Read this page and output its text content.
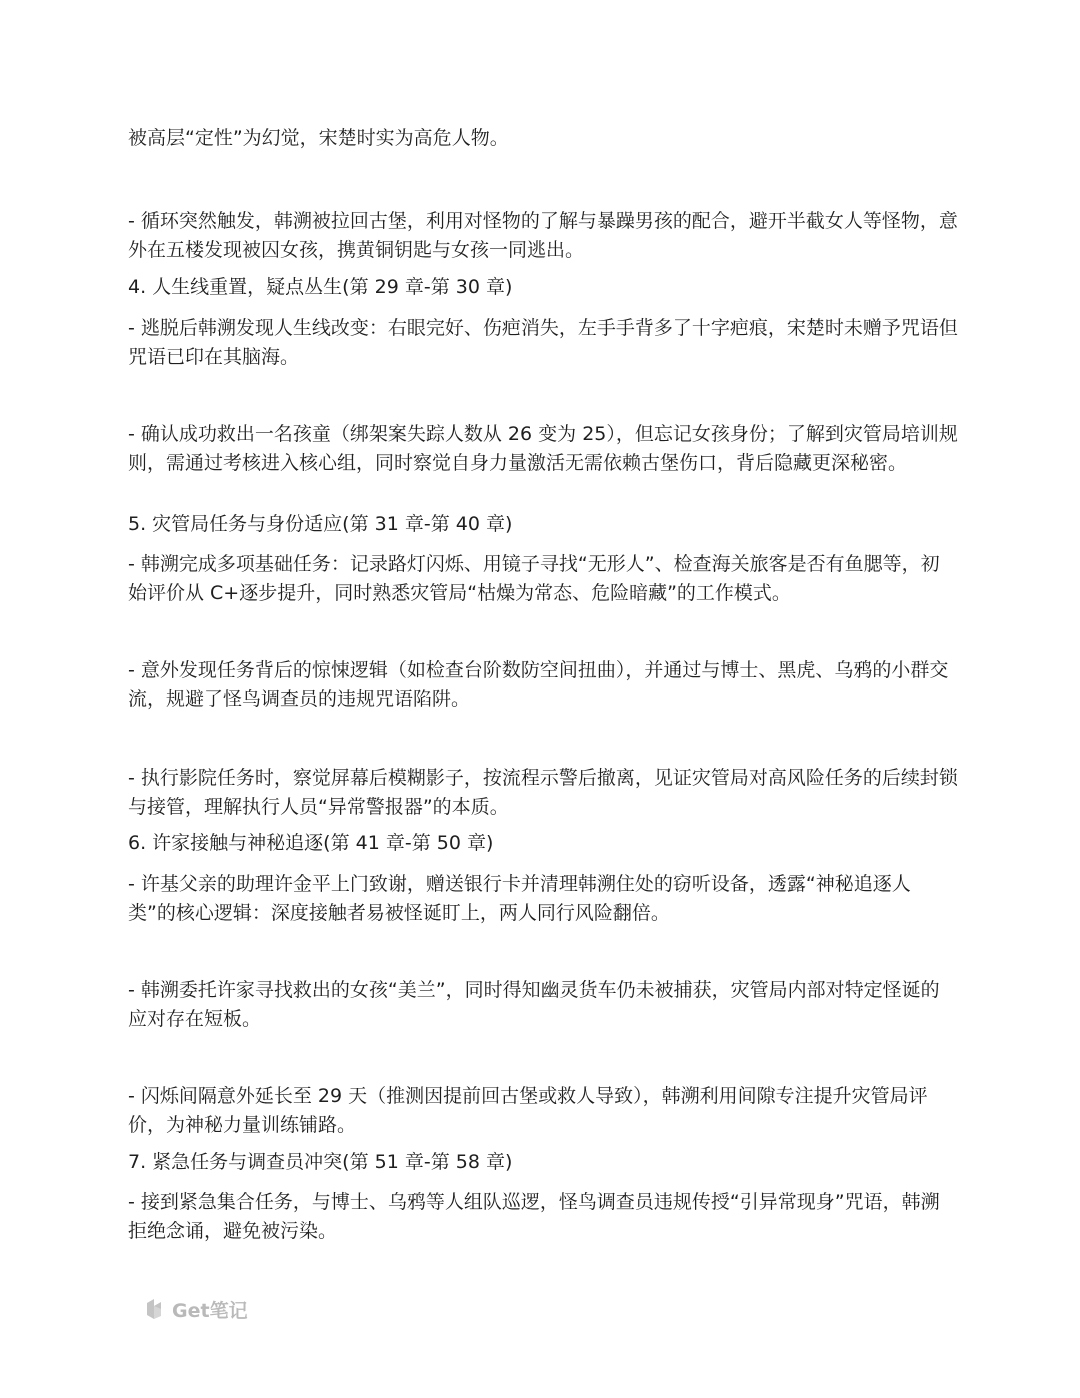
被高层“定性”为幻觉，宋楚时实为高危人物。

- 循环突然触发，韩溯被拉回古堡，利用对怪物的了解与暴躁男孩的配合，避开半截女人等怪物，意外在五楼发现被囚女孩，携黄铜钥匙与女孩一同逃出。

4. 人生线重置，疑点丛生(第 29 章-第 30 章)

- 逃脱后韩溯发现人生线改变：右眼完好、伤疤消失，左手手背多了十字疤痕，宋楚时未赠予咒语但咒语已印在其脑海。

- 确认成功救出一名孩童（绑架案失踪人数从 26 变为 25），但忘记女孩身份；了解到灾管局培训规则，需通过考核进入核心组，同时察觉自身力量激活无需依赖古堡伤口，背后隐藏更深秘密。

5. 灾管局任务与身份适应(第 31 章-第 40 章)

- 韩溯完成多项基础任务：记录路灯闪烁、用镜子寻找“无形人”、检查海关旅客是否有鱼腮等，初始评价从 C+逐步提升，同时熟悉灾管局“枯燥为常态、危险暗藏”的工作模式。

- 意外发现任务背后的惊悚逻辑（如检查台阶数防空间扭曲），并通过与博士、黑虎、乌鸦的小群交流，规避了怪鸟调查员的违规咒语陷阱。

- 执行影院任务时，察觉屏幕后模糊影子，按流程示警后撤离，见证灾管局对高风险任务的后续封锁与接管，理解执行人员“异常警报器”的本质。

6. 许家接触与神秘追逐(第 41 章-第 50 章)

- 许基父亲的助理许金平上门致谢，赠送银行卡并清理韩溯住处的窃听设备，透露“神秘追逐人类”的核心逻辑：深度接触者易被怪诞盯上，两人同行风险翻倍。

- 韩溯委托许家寻找救出的女孩“美兰”，同时得知幽灵货车仍未被捕获，灾管局内部对特定怪诞的应对存在短板。

- 闪烁间隔意外延长至 29 天（推测因提前回古堡或救人导致），韩溯利用间隙专注提升灾管局评价，为神秘力量训练铺路。

7. 紧急任务与调查员冲突(第 51 章-第 58 章)

- 接到紧急集合任务，与博士、乌鸦等人组队巡逻，怪鸟调查员违规传授“引异常现身”咒语，韩溯拒绝念诵，避免被污染。

Get笔记
